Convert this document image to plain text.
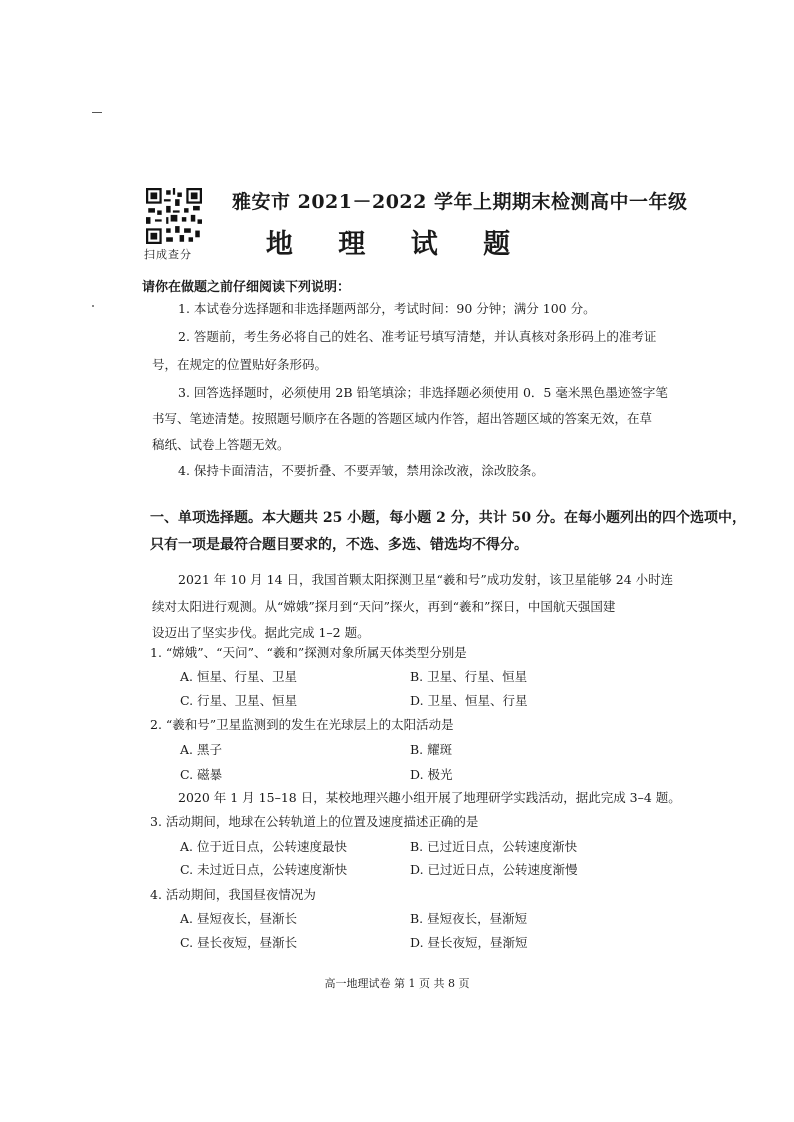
扫成查分
雅安市 2021－2022 学年上期期末检测高中一年级
地 理 试 题
请你在做题之前仔细阅读下列说明：
1. 本试卷分选择题和非选择题两部分，考试时间：90 分钟；满分 100 分。
2. 答题前，考生务必将自己的姓名、准考证号填写清楚，并认真核对条形码上的准考证
号，在规定的位置贴好条形码。
3. 回答选择题时，必须使用 2B 铅笔填涂；非选择题必须使用 0．5 毫米黑色墨迹签字笔
书写、笔迹清楚。按照题号顺序在各题的答题区域内作答，超出答题区域的答案无效，在草
稿纸、试卷上答题无效。
4. 保持卡面清洁，不要折叠、不要弄皱，禁用涂改液，涂改胶条。
一、单项选择题。本大题共 25 小题，每小题 2 分，共计 50 分。在每小题列出的四个选项中，
只有一项是最符合题目要求的，不选、多选、错选均不得分。
2021 年 10 月 14 日，我国首颗太阳探测卫星“羲和号”成功发射，该卫星能够 24 小时连
续对太阳进行观测。从“嫦娥”探月到“天问”探火，再到“羲和”探日，中国航天强国建
设迈出了坚实步伐。据此完成 1–2 题。
1. “嫦娥”、“天问”、“羲和”探测对象所属天体类型分别是
A. 恒星、行星、卫星	B. 卫星、行星、恒星
C. 行星、卫星、恒星	D. 卫星、恒星、行星
2. “羲和号”卫星监测到的发生在光球层上的太阳活动是
A. 黑子	B. 耀斑
C. 磁暴	D. 极光
2020 年 1 月 15–18 日，某校地理兴趣小组开展了地理研学实践活动，据此完成 3–4 题。
3. 活动期间，地球在公转轨道上的位置及速度描述正确的是
A. 位于近日点，公转速度最快	B. 已过近日点，公转速度渐快
C. 未过近日点，公转速度渐快	D. 已过近日点，公转速度渐慢
4. 活动期间，我国昼夜情况为
A. 昼短夜长，昼渐长	B. 昼短夜长，昼渐短
C. 昼长夜短，昼渐长	D. 昼长夜短，昼渐短
高一地理试卷 第 1 页 共 8 页
